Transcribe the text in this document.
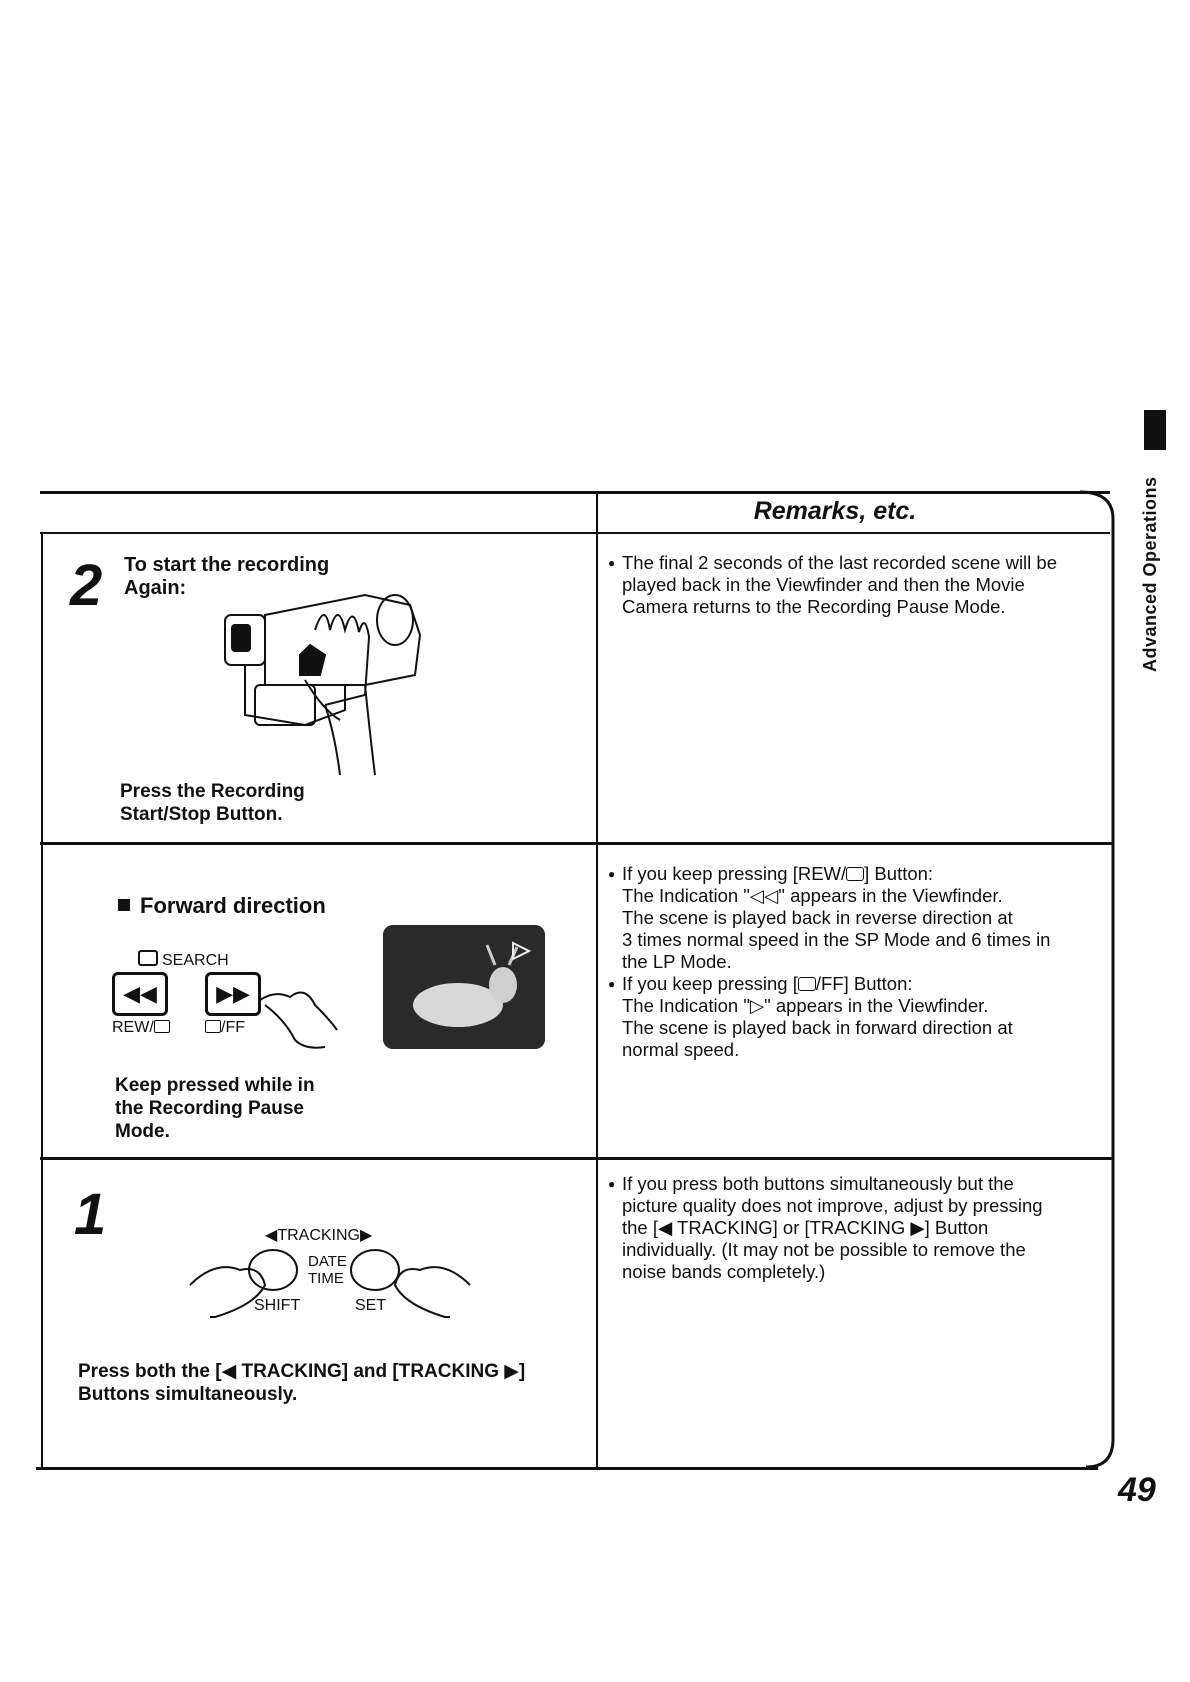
Advanced Operations
Remarks, etc.
2 To start the recording
Again:
Press the Recording
Start/Stop Button.

● The final 2 seconds of the last recorded scene will be
played back in the Viewfinder and then the Movie
Camera returns to the Recording Pause Mode.

Forward direction
SEARCH
◀◀	▶▶
REW/	/FF
Keep pressed while in
the Recording Pause
Mode.

● If you keep pressing [REW/ ] Button:
The Indication "◁◁" appears in the Viewfinder.
The scene is played back in reverse direction at
3 times normal speed in the SP Mode and 6 times in
the LP Mode.

● If you keep pressing [ /FF] Button:
The Indication "▷" appears in the Viewfinder.
The scene is played back in forward direction at
normal speed.

1	◀TRACKING▶
DATE
TIME
SHIFT	SET
Press both the [◀ TRACKING] and [TRACKING ▶]
Buttons simultaneously.

● If you press both buttons simultaneously but the
picture quality does not improve, adjust by pressing
the [◀ TRACKING] or [TRACKING ▶] Button
individually. (It may not be possible to remove the
noise bands completely.)

49
